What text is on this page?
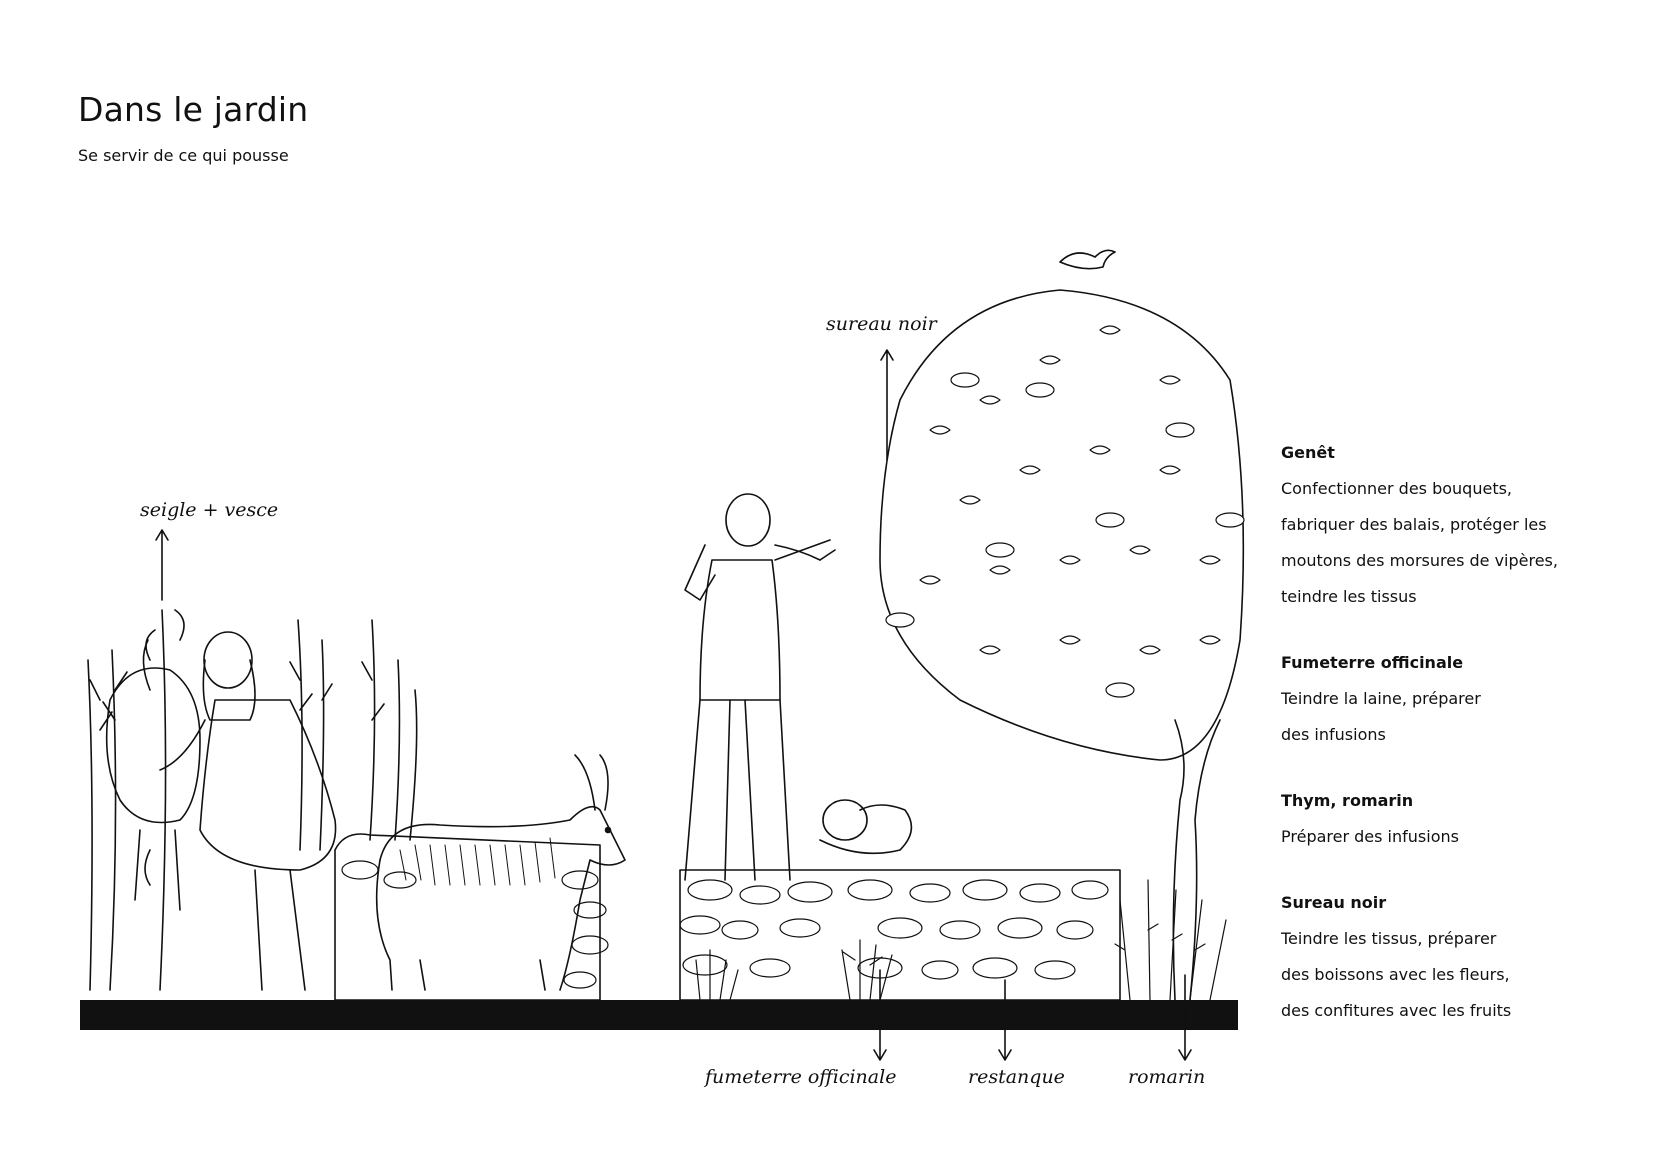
Dans le jardin

Se servir de ce qui pousse

seigle + vesce
sureau noir
fumeterre officinale	restanque	romarin
Genêt
Confectionner des bouquets,
fabriquer des balais, protéger les
moutons des morsures de vipères,
teindre les tissus
Fumeterre officinale
Teindre la laine, préparer
des infusions
Thym, romarin
Préparer des infusions
Sureau noir
Teindre les tissus, préparer
des boissons avec les fleurs,
des confitures avec les fruits
